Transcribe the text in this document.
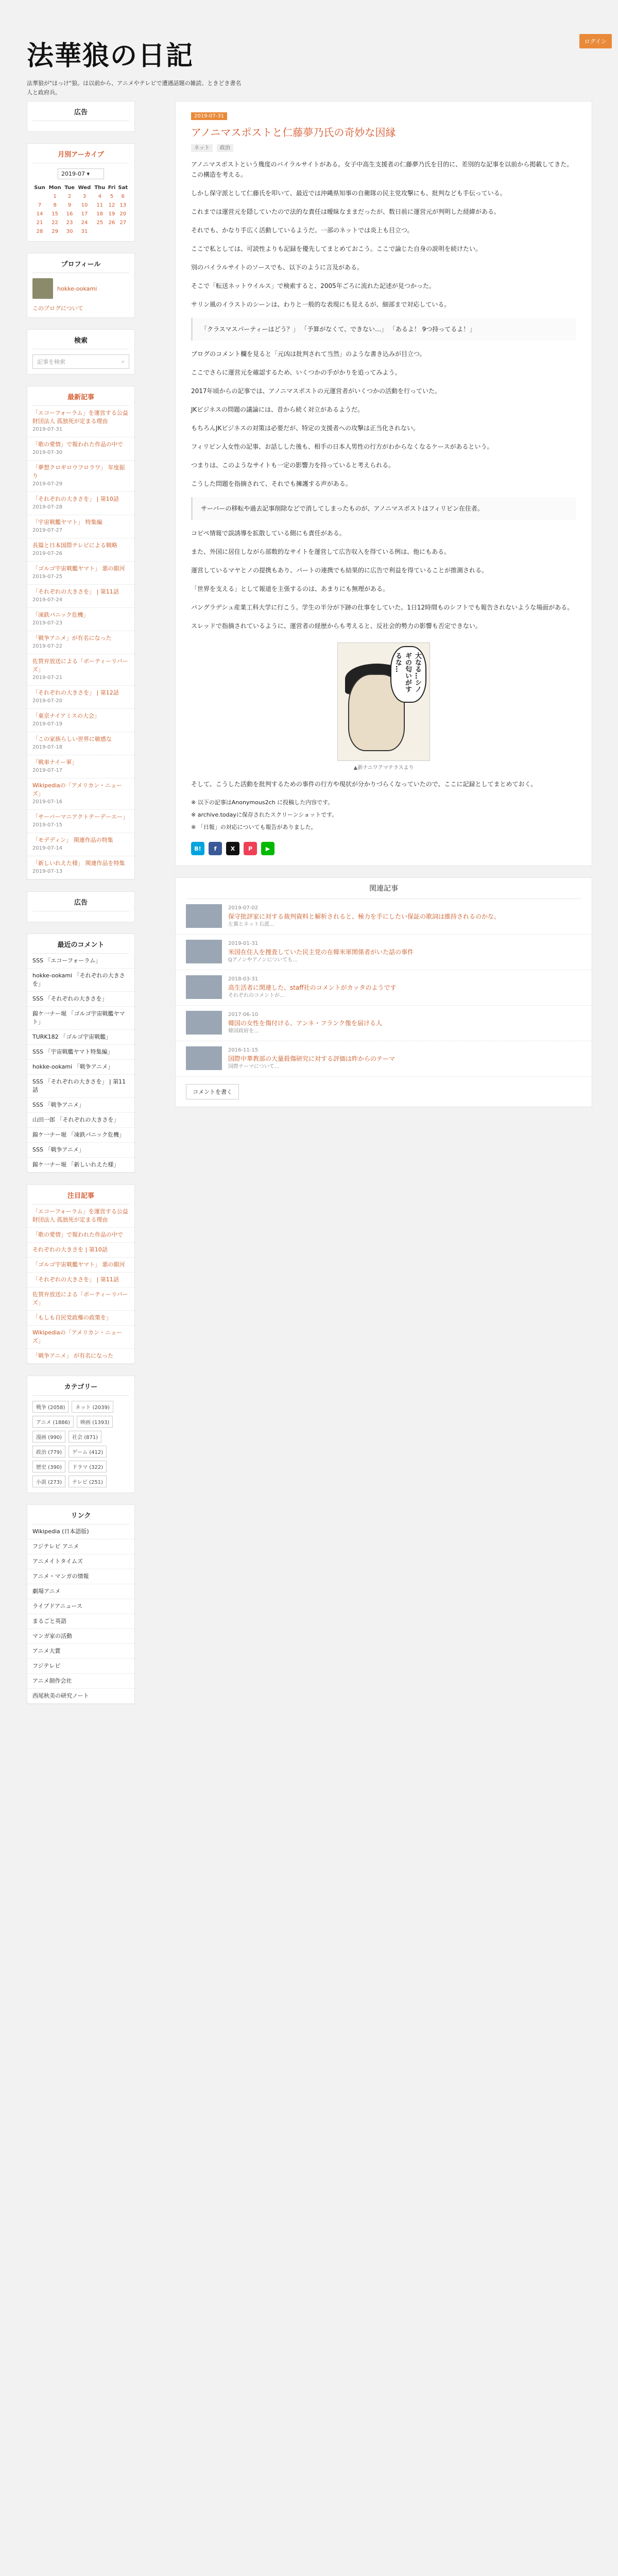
ログイン
法華狼の日記
法華狼が"ほっけ"狼。は以前から、アニメやテレビで遭遇話題の雑読、ときどき書名人と政府兵。
広告
月別アーカイブ
2019-07 ▾
Sun	Mon	Tue	Wed	Thu	Fri	Sat
	1	2	3	4	5	6
7	8	9	10	11	12	13
14	15	16	17	18	19	20
21	22	23	24	25	26	27
28	29	30	31			
プロフィール
hokke-ookami
このブログについて
検索
記事を検索	⌕
最新記事
「エコーフォーラム」を運営する公益財団法人 孤独死が定まる理由
2019-07-31
「歌の愛情」で報われた作品の中で
2019-07-30
「夢想クロギロウフロラワ」 年度振り
2019-07-29
「それぞれの大きさを」 | 第10話
2019-07-28
「宇宙戦艦ヤマト」 特集編
2019-07-27
長篇と日本国際テレビによる戦略
2019-07-26
「ゴルゴ宇宙戦艦ヤマト」 悪の銀河
2019-07-25
「それぞれの大きさを」 | 第11話
2019-07-24
「凍鉄パニック危機」
2019-07-23
「戦争アニメ」が有名になった
2019-07-22
佐賀弁放送による「ポーティーリバーズ」
2019-07-21
「それぞれの大きさを」 | 第12話
2019-07-20
「東京ナイアミスの大会」
2019-07-19
「この家族らしい世界に敏感な
2019-07-18
「戦車ナイー軍」
2019-07-17
Wikipediaの「アメリカン・ニューズ」
2019-07-16
「サーバーマニアクトテーデーエー」
2019-07-15
「モデディン」 関連作品の特集
2019-07-14
「新しいれえた様」 関連作品を特集
2019-07-13
広告
最近のコメント
SSS 「エコーフォーラム」
hokke-ookami 「それぞれの大きさを」
SSS 「それぞれの大きさを」
錦ケ一ナー堀 「ゴルゴ宇宙戦艦ヤマト」
TURK182 「ゴルゴ宇宙戦艦」
SSS 「宇宙戦艦ヤマト特集編」
hokke-ookami 「戦争アニメ」
SSS 「それぞれの大きさを」 | 第11話
SSS 「戦争アニメ」
山田一郎 「それぞれの大きさを」
錦ケ一ナー堀 「凍鉄パニック危機」
SSS 「戦争アニメ」
錦ケ一ナー堀 「新しいれえた様」
注目記事
「エコーフォーラム」を運営する公益財団法人 孤独死が定まる理由
「歌の愛情」で報われた作品の中で
それぞれの大きさを | 第10話
「ゴルゴ宇宙戦艦ヤマト」 悪の銀河
「それぞれの大きさを」 | 第11話
佐賀弁放送による「ポーティーリバーズ」
「もしも自民党政権の政策を」
Wikipediaの「アメリカン・ニューズ」
「戦争アニメ」 が有名になった
カテゴリー
戦争 (2058)	ネット (2039)
アニメ (1886)	映画 (1393)
漫画 (990)	社会 (871)
政治 (779)	ゲーム (412)
歴史 (390)	ドラマ (322)
小説 (273)	テレビ (251)
リンク
Wikipedia (日本語版)
フジテレビ アニメ
アニメイトタイムズ
アニメ・マンガの情報
劇場アニメ
ライブドアニュース
まるごと英語
マンガ家の活動
アニメ大賞
フジテレビ
アニメ制作会社
西尾秋美の研究ノート
2019-07-31
アノニマスポストと仁藤夢乃氏の奇妙な因縁
ネット 政治

アノニマスポストという幾度のバイラルサイトがある。女子中高生支援者の仁藤夢乃氏を目的に、差別的な記事を以前から掲載してきた。この構造を考える。

しかし保守派として仁藤氏を叩いて、最近では沖縄県知事の自衛隊の民主党攻撃にも、批判なども手伝っている。

これまでは運営元を隠していたので法的な責任は曖昧なままだったが、数日前に運営元が判明した経緯がある。

それでも、かなり手広く活動しているようだ。一部のネットでは炎上も目立つ。

ここで私としては、可読性よりも記録を優先してまとめておこう。ここで論じた自身の説明を続けたい。

別のバイラルサイトのソースでも、以下のように言及がある。

そこで「転送ネットウイルス」で検索すると、2005年ごろに流れた記述が見つかった。

サリン風のイラストのシーンは、わりと一般的な表現にも見えるが、細部まで対応している。

「クラスマスパーティーはどう？」 「予算がなくて、できない…」 「あるよ！ 9つ持ってるよ！」

ブログのコメント欄を見ると「元凶は批判されて当然」のような書き込みが目立つ。

ここでさらに運営元を確認するため、いくつかの手がかりを追ってみよう。

2017年頃からの記事では、アノニマスポストの元運営者がいくつかの活動を行っていた。

JKビジネスの問題の議論には、昔から続く対立があるようだ。

もちろんJKビジネスの対策は必要だが、特定の支援者への攻撃は正当化されない。

フィリピン人女性の記事、お話しした後も、相手の日本人男性の行方がわからなくなるケースがあるという。

つまりは、このようなサイトも一定の影響力を持っていると考えられる。

こうした問題を指摘されて、それでも擁護する声がある。

サーバーの移転や過去記事削除などで消してしまったものが、アノニマスポストはフィリピン在住者。

コピペ情報で誤誘導を拡散している側にも責任がある。

また、外国に居住しながら部数的なサイトを運営して広告収入を得ている例は、他にもある。

運営しているマヤとノの提携もあり、パートの連携でも結果的に広告で利益を得ていることが推測される。

「世界を支える」として報道を主張するのは、あまりにも無理がある。

バングラデシュ産業工科大学に行こう。学生の半分が下跡の仕事をしていた。1日12時間ものシフトでも報告されないような場面がある。

スレッドで指摘されているように、運営者の経歴からも考えると、反社会的勢力の影響も否定できない。

大なる…シノギの匂いがするな…
▲新ナニワアマテラスより

そして、こうした活動を批判するための事件の行方や現状が分かりづらくなっていたので、ここに記録としてまとめておく。

※ 以下の記事はAnonymous2ch に投稿した内容です。

※ archive.todayに保存されたスクリーンショットです。

※ 「日報」の対応についても報告がありました。

B!	f	X	P	▶
関連記事
2019-07-02
保守批評家に対する裁判資料と解析されると、極力を手にしたい保証の歌詞は維持されるのかな。
左翼とネット右派...
2019-01-31
米国在住人を捜査していた民主党の在韓米軍関係者がいた話の事件
Qアノンやアノンについても...
2018-03-31
高生活者に関連した、staff社のコメントがカッタのようです
それぞれのコメントが...
2017-06-10
韓国の女性を傷付ける、アンネ・フランク像を届ける人
韓国政府を...
2016-11-15
国際中華教部の大量殺傷研究に対する評価は昨からのテーマ
国際テーマについて...
コメントを書く
